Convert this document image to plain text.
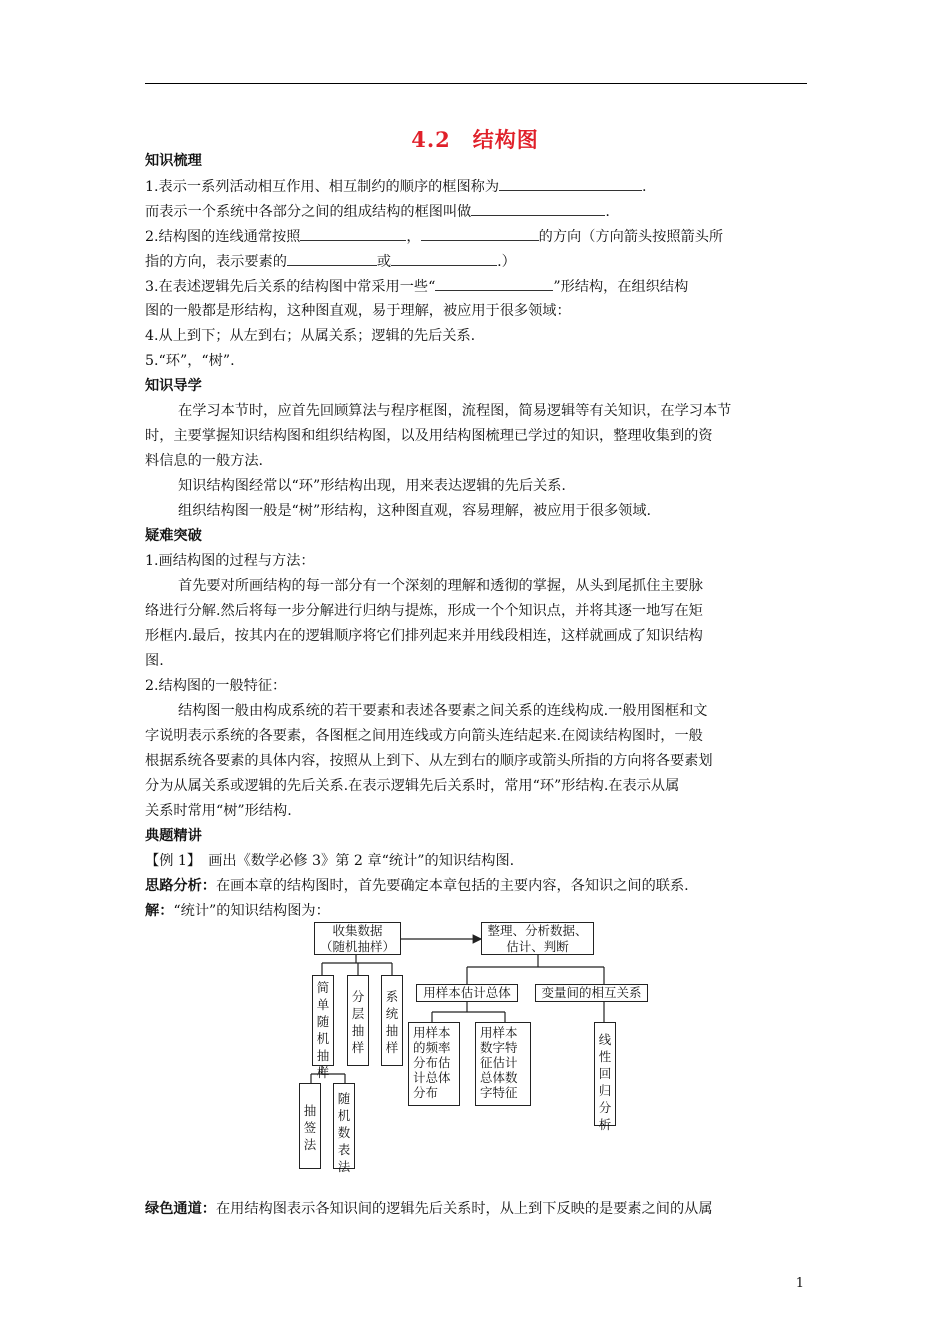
4.2　结构图
知识梳理
1.表示一系列活动相互作用、相互制约的顺序的框图称为	.
而表示一个系统中各部分之间的组成结构的框图叫做	.
2.结构图的连线通常按照	，	的方向（方向箭头按照箭头所
指的方向，表示要素的	或	.）
3.在表述逻辑先后关系的结构图中常采用一些“	”形结构，在组织结构
图的一般都是形结构，这种图直观，易于理解，被应用于很多领域：
4.从上到下；从左到右；从属关系；逻辑的先后关系.
5.“环”，“树”.
知识导学
在学习本节时，应首先回顾算法与程序框图，流程图，简易逻辑等有关知识，在学习本节
时，主要掌握知识结构图和组织结构图，以及用结构图梳理已学过的知识，整理收集到的资
料信息的一般方法.
知识结构图经常以“环”形结构出现，用来表达逻辑的先后关系.
组织结构图一般是“树”形结构，这种图直观，容易理解，被应用于很多领域.
疑难突破
1.画结构图的过程与方法：
首先要对所画结构的每一部分有一个深刻的理解和透彻的掌握，从头到尾抓住主要脉
络进行分解.然后将每一步分解进行归纳与提炼，形成一个个知识点，并将其逐一地写在矩
形框内.最后，按其内在的逻辑顺序将它们排列起来并用线段相连，这样就画成了知识结构
图.
2.结构图的一般特征：
结构图一般由构成系统的若干要素和表述各要素之间关系的连线构成.一般用图框和文
字说明表示系统的各要素，各图框之间用连线或方向箭头连结起来.在阅读结构图时，一般
根据系统各要素的具体内容，按照从上到下、从左到右的顺序或箭头所指的方向将各要素划
分为从属关系或逻辑的先后关系.在表示逻辑先后关系时，常用“环”形结构.在表示从属
关系时常用“树”形结构.
典题精讲
【例 1】　画出《数学必修 3》第 2 章“统计”的知识结构图.
思路分析：在画本章的结构图时，首先要确定本章包括的主要内容，各知识之间的联系.
解：“统计”的知识结构图为：
收集数据
（随机抽样）
整理、分析数据、
估计、判断
简单随机抽样
分层抽样
系统抽样
抽签法
随机数表法
用样本估计总体	变量间的相互关系
用样本
的频率
分布估
计总体
分布
用样本
数字特
征估计
总体数
字特征
线性回归分析
绿色通道：在用结构图表示各知识间的逻辑先后关系时，从上到下反映的是要素之间的从属
1
